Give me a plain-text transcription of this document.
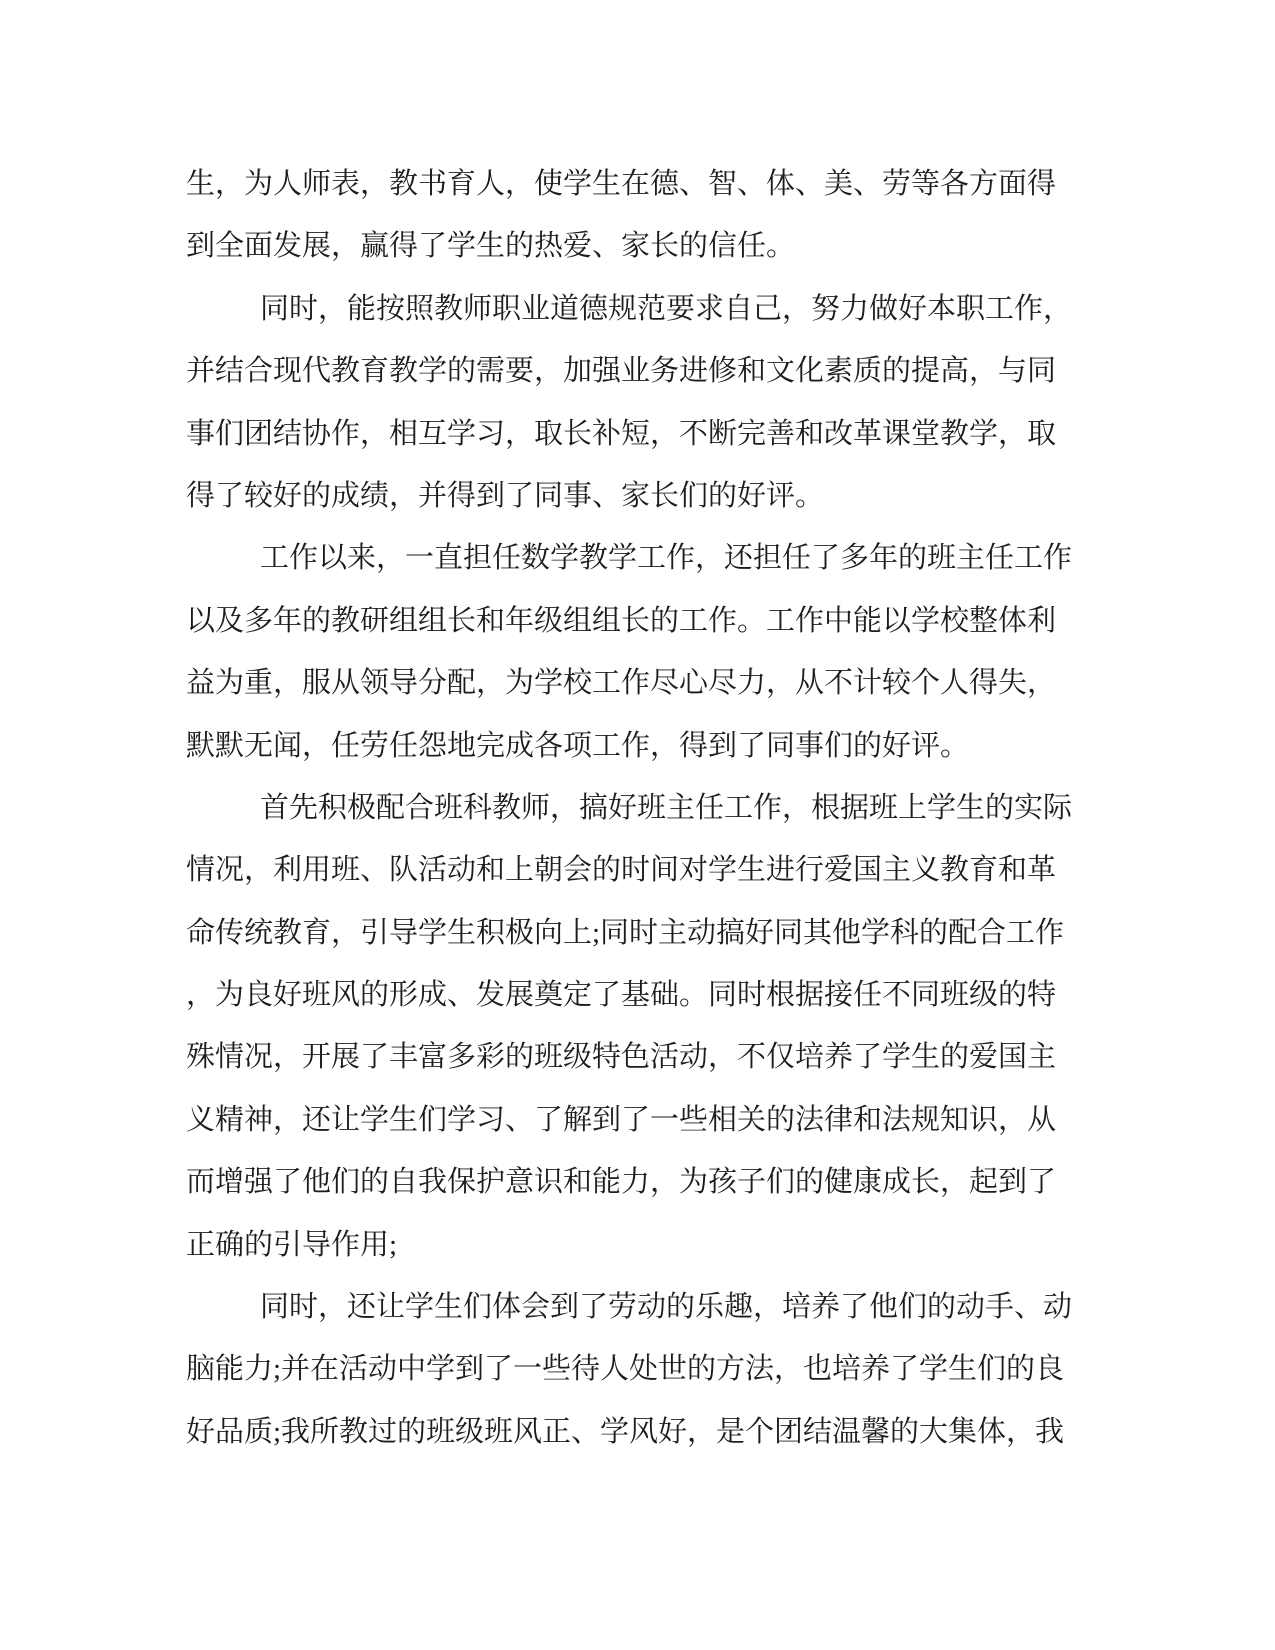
生，为人师表，教书育人，使学生在德、智、体、美、劳等各方面得
到全面发展，赢得了学生的热爱、家长的信任。
同时，能按照教师职业道德规范要求自己，努力做好本职工作，
并结合现代教育教学的需要，加强业务进修和文化素质的提高，与同
事们团结协作，相互学习，取长补短，不断完善和改革课堂教学，取
得了较好的成绩，并得到了同事、家长们的好评。
工作以来，一直担任数学教学工作，还担任了多年的班主任工作
以及多年的教研组组长和年级组组长的工作。工作中能以学校整体利
益为重，服从领导分配，为学校工作尽心尽力，从不计较个人得失，
默默无闻，任劳任怨地完成各项工作，得到了同事们的好评。
首先积极配合班科教师，搞好班主任工作，根据班上学生的实际
情况，利用班、队活动和上朝会的时间对学生进行爱国主义教育和革
命传统教育，引导学生积极向上;同时主动搞好同其他学科的配合工作
，为良好班风的形成、发展奠定了基础。同时根据接任不同班级的特
殊情况，开展了丰富多彩的班级特色活动，不仅培养了学生的爱国主
义精神，还让学生们学习、了解到了一些相关的法律和法规知识，从
而增强了他们的自我保护意识和能力，为孩子们的健康成长，起到了
正确的引导作用;
同时，还让学生们体会到了劳动的乐趣，培养了他们的动手、动
脑能力;并在活动中学到了一些待人处世的方法，也培养了学生们的良
好品质;我所教过的班级班风正、学风好，是个团结温馨的大集体，我
